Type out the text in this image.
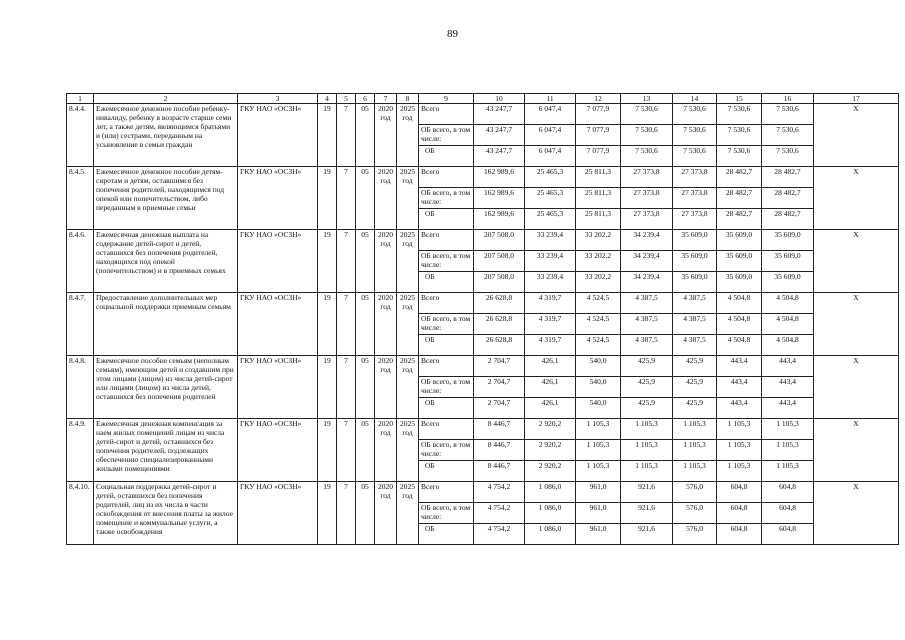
89
1	2	3	4	5	6	7	8	9	10	11	12	13	14	15	16	17
8.4.4.	Ежемесячное денежное пособие ребенку-инвалиду, ребенку в возрасте старше семи лет, а также детям, являющимся братьями и (или) сестрами, переданным на усыновление в семьи граждан	ГКУ НАО «ОСЗН»	19	7	05	2020 год	2025 год	Всего	43 247,7	6 047,4	7 077,9	7 530,6	7 530,6	7 530,6	7 530,6	X
								ОБ всего, в том числе:	43 247,7	6 047,4	7 077,9	7 530,6	7 530,6	7 530,6	7 530,6	
								ОБ	43 247,7	6 047,4	7 077,9	7 530,6	7 530,6	7 530,6	7 530,6	
8.4.5.	Ежемесячное денежное пособие детям-сиротам и детям, оставшимся без попечения родителей, находящимся под опекой или попечительством, либо переданным в приемные семьи	ГКУ НАО «ОСЗН»	19	7	05	2020 год	2025 год	Всего	162 989,6	25 465,3	25 811,3	27 373,8	27 373,8	28 482,7	28 482,7	X
								ОБ всего, в том числе:	162 989,6	25 465,3	25 811,3	27 373,8	27 373,8	28 482,7	28 482,7	
								ОБ	162 989,6	25 465,3	25 811,3	27 373,8	27 373,8	28 482,7	28 482,7	
8.4.6.	Ежемесячная денежная выплата на содержание детей-сирот и детей, оставшихся без попечения родителей, находящихся под опекой (попечительством) и в приемных семьях	ГКУ НАО «ОСЗН»	19	7	05	2020 год	2025 год	Всего	207 508,0	33 239,4	33 202,2	34 239,4	35 609,0	35 609,0	35 609,0	X
								ОБ всего, в том числе:	207 508,0	33 239,4	33 202,2	34 239,4	35 609,0	35 609,0	35 609,0	
								ОБ	207 508,0	33 239,4	33 202,2	34 239,4	35 609,0	35 609,0	35 609,0	
8.4.7.	Предоставление дополнительных мер социальной поддержки приемным семьям	ГКУ НАО «ОСЗН»	19	7	05	2020 год	2025 год	Всего	26 628,8	4 319,7	4 524,5	4 387,5	4 387,5	4 504,8	4 504,8	X
								ОБ всего, в том числе:	26 628,8	4 319,7	4 524,5	4 387,5	4 387,5	4 504,8	4 504,8	
								ОБ	26 628,8	4 319,7	4 524,5	4 387,5	4 387,5	4 504,8	4 504,8	
8.4.8.	Ежемесячное пособие семьям (неполным семьям), имеющим детей и создавшим при этом лицами (лицом) из числа детей-сирот или лицами (лицом) из числа детей, оставшихся без попечения родителей	ГКУ НАО «ОСЗН»	19	7	05	2020 год	2025 год	Всего	2 704,7	426,1	540,0	425,9	425,9	443,4	443,4	X
								ОБ всего, в том числе:	2 704,7	426,1	540,0	425,9	425,9	443,4	443,4	
								ОБ	2 704,7	426,1	540,0	425,9	425,9	443,4	443,4	
8.4.9.	Ежемесячная денежная компенсация за наем жилых помещений лицам из числа детей-сирот и детей, оставшихся без попечения родителей, подлежащих обеспечению специализированными жилыми помещениями	ГКУ НАО «ОСЗН»	19	7	05	2020 год	2025 год	Всего	8 446,7	2 920,2	1 105,3	1 105,3	1 105,3	1 105,3	1 105,3	X
								ОБ всего, в том числе:	8 446,7	2 920,2	1 105,3	1 105,3	1 105,3	1 105,3	1 105,3	
								ОБ	8 446,7	2 920,2	1 105,3	1 105,3	1 105,3	1 105,3	1 105,3	
8.4.10.	Социальная поддержка детей-сирот и детей, оставшихся без попечения родителей, лиц из их числа в части освобождения от внесения платы за жилое помещение и коммунальные услуги, а также освобождения	ГКУ НАО «ОСЗН»	19	7	05	2020 год	2025 год	Всего	4 754,2	1 086,0	961,0	921,6	576,0	604,8	604,8	X
								ОБ всего, в том числе:	4 754,2	1 086,0	961,0	921,6	576,0	604,8	604,8	
								ОБ	4 754,2	1 086,0	961,0	921,6	576,0	604,8	604,8	
